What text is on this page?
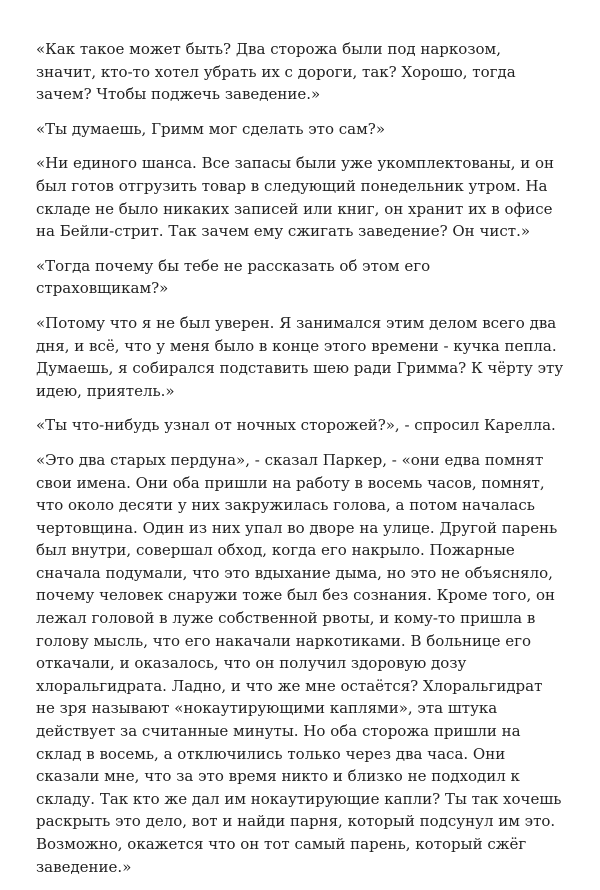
«Как такое может быть? Два сторожа были под наркозом, значит, кто-то хотел убрать их с дороги, так? Хорошо, тогда зачем? Чтобы поджечь заведение.»

«Ты думаешь, Гримм мог сделать это сам?»

«Ни единого шанса. Все запасы были уже укомплектованы, и он был готов отгрузить товар в следующий понедельник утром. На складе не было никаких записей или книг, он хранит их в офисе на Бейли-стрит. Так зачем ему сжигать заведение? Он чист.»

«Тогда почему бы тебе не рассказать об этом его страховщикам?»

«Потому что я не был уверен. Я занимался этим делом всего два дня, и всё, что у меня было в конце этого времени - кучка пепла. Думаешь, я собирался подставить шею ради Гримма? К чёрту эту идею, приятель.»

«Ты что-нибудь узнал от ночных сторожей?», - спросил Карелла.

«Это два старых пердуна», - сказал Паркер, - «они едва помнят свои имена. Они оба пришли на работу в восемь часов, помнят, что около десяти у них закружилась голова, а потом началась чертовщина. Один из них упал во дворе на улице. Другой парень был внутри, совершал обход, когда его накрыло. Пожарные сначала подумали, что это вдыхание дыма, но это не объясняло, почему человек снаружи тоже был без сознания. Кроме того, он лежал головой в луже собственной рвоты, и кому-то пришла в голову мысль, что его накачали наркотиками. В больнице его откачали, и оказалось, что он получил здоровую дозу хлоральгидрата. Ладно, и что же мне остаётся? Хлоральгидрат не зря называют «нокаутирующими каплями», эта штука действует за считанные минуты. Но оба сторожа пришли на склад в восемь, а отключились только через два часа. Они сказали мне, что за это время никто и близко не подходил к складу. Так кто же дал им нокаутирующие капли? Ты так хочешь раскрыть это дело, вот и найди парня, который подсунул им это. Возможно, окажется что он тот самый парень, который сжёг заведение.»
